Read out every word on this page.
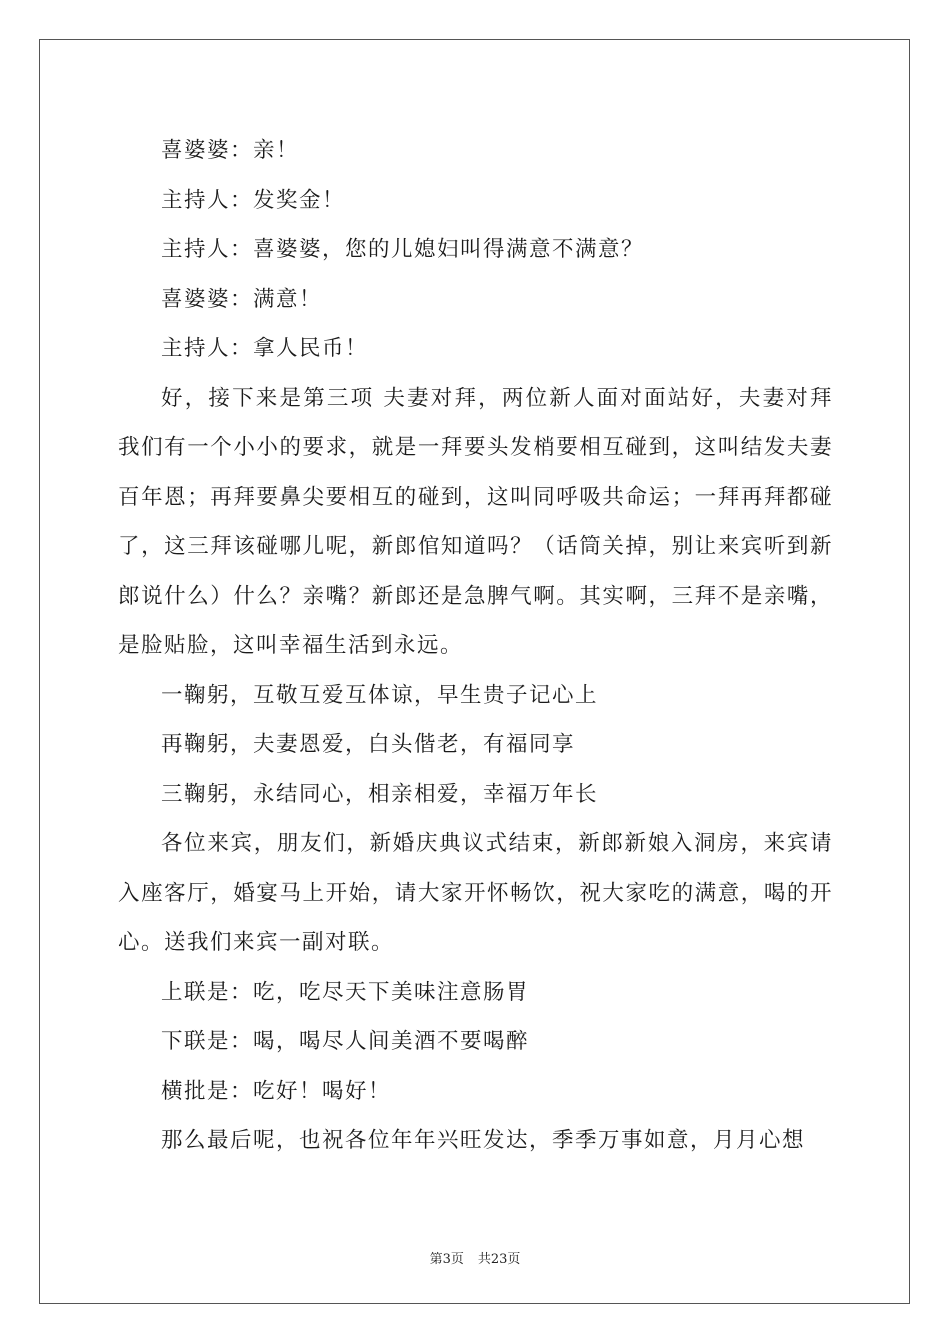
喜婆婆：亲！

主持人：发奖金！

主持人：喜婆婆，您的儿媳妇叫得满意不满意？

喜婆婆：满意！

主持人：拿人民币！

好，接下来是第三项 夫妻对拜，两位新人面对面站好，夫妻对拜我们有一个小小的要求，就是一拜要头发梢要相互碰到，这叫结发夫妻百年恩；再拜要鼻尖要相互的碰到，这叫同呼吸共命运；一拜再拜都碰了，这三拜该碰哪儿呢，新郎倌知道吗？（话筒关掉，别让来宾听到新郎说什么）什么？亲嘴？新郎还是急脾气啊。其实啊，三拜不是亲嘴，是脸贴脸，这叫幸福生活到永远。

一鞠躬，互敬互爱互体谅，早生贵子记心上

再鞠躬，夫妻恩爱，白头偕老，有福同享

三鞠躬，永结同心，相亲相爱，幸福万年长

各位来宾，朋友们，新婚庆典议式结束，新郎新娘入洞房，来宾请入座客厅，婚宴马上开始，请大家开怀畅饮，祝大家吃的满意，喝的开心。送我们来宾一副对联。

上联是：吃，吃尽天下美味注意肠胃

下联是：喝，喝尽人间美酒不要喝醉

横批是：吃好！喝好！

那么最后呢，也祝各位年年兴旺发达，季季万事如意，月月心想

第3页 共23页
